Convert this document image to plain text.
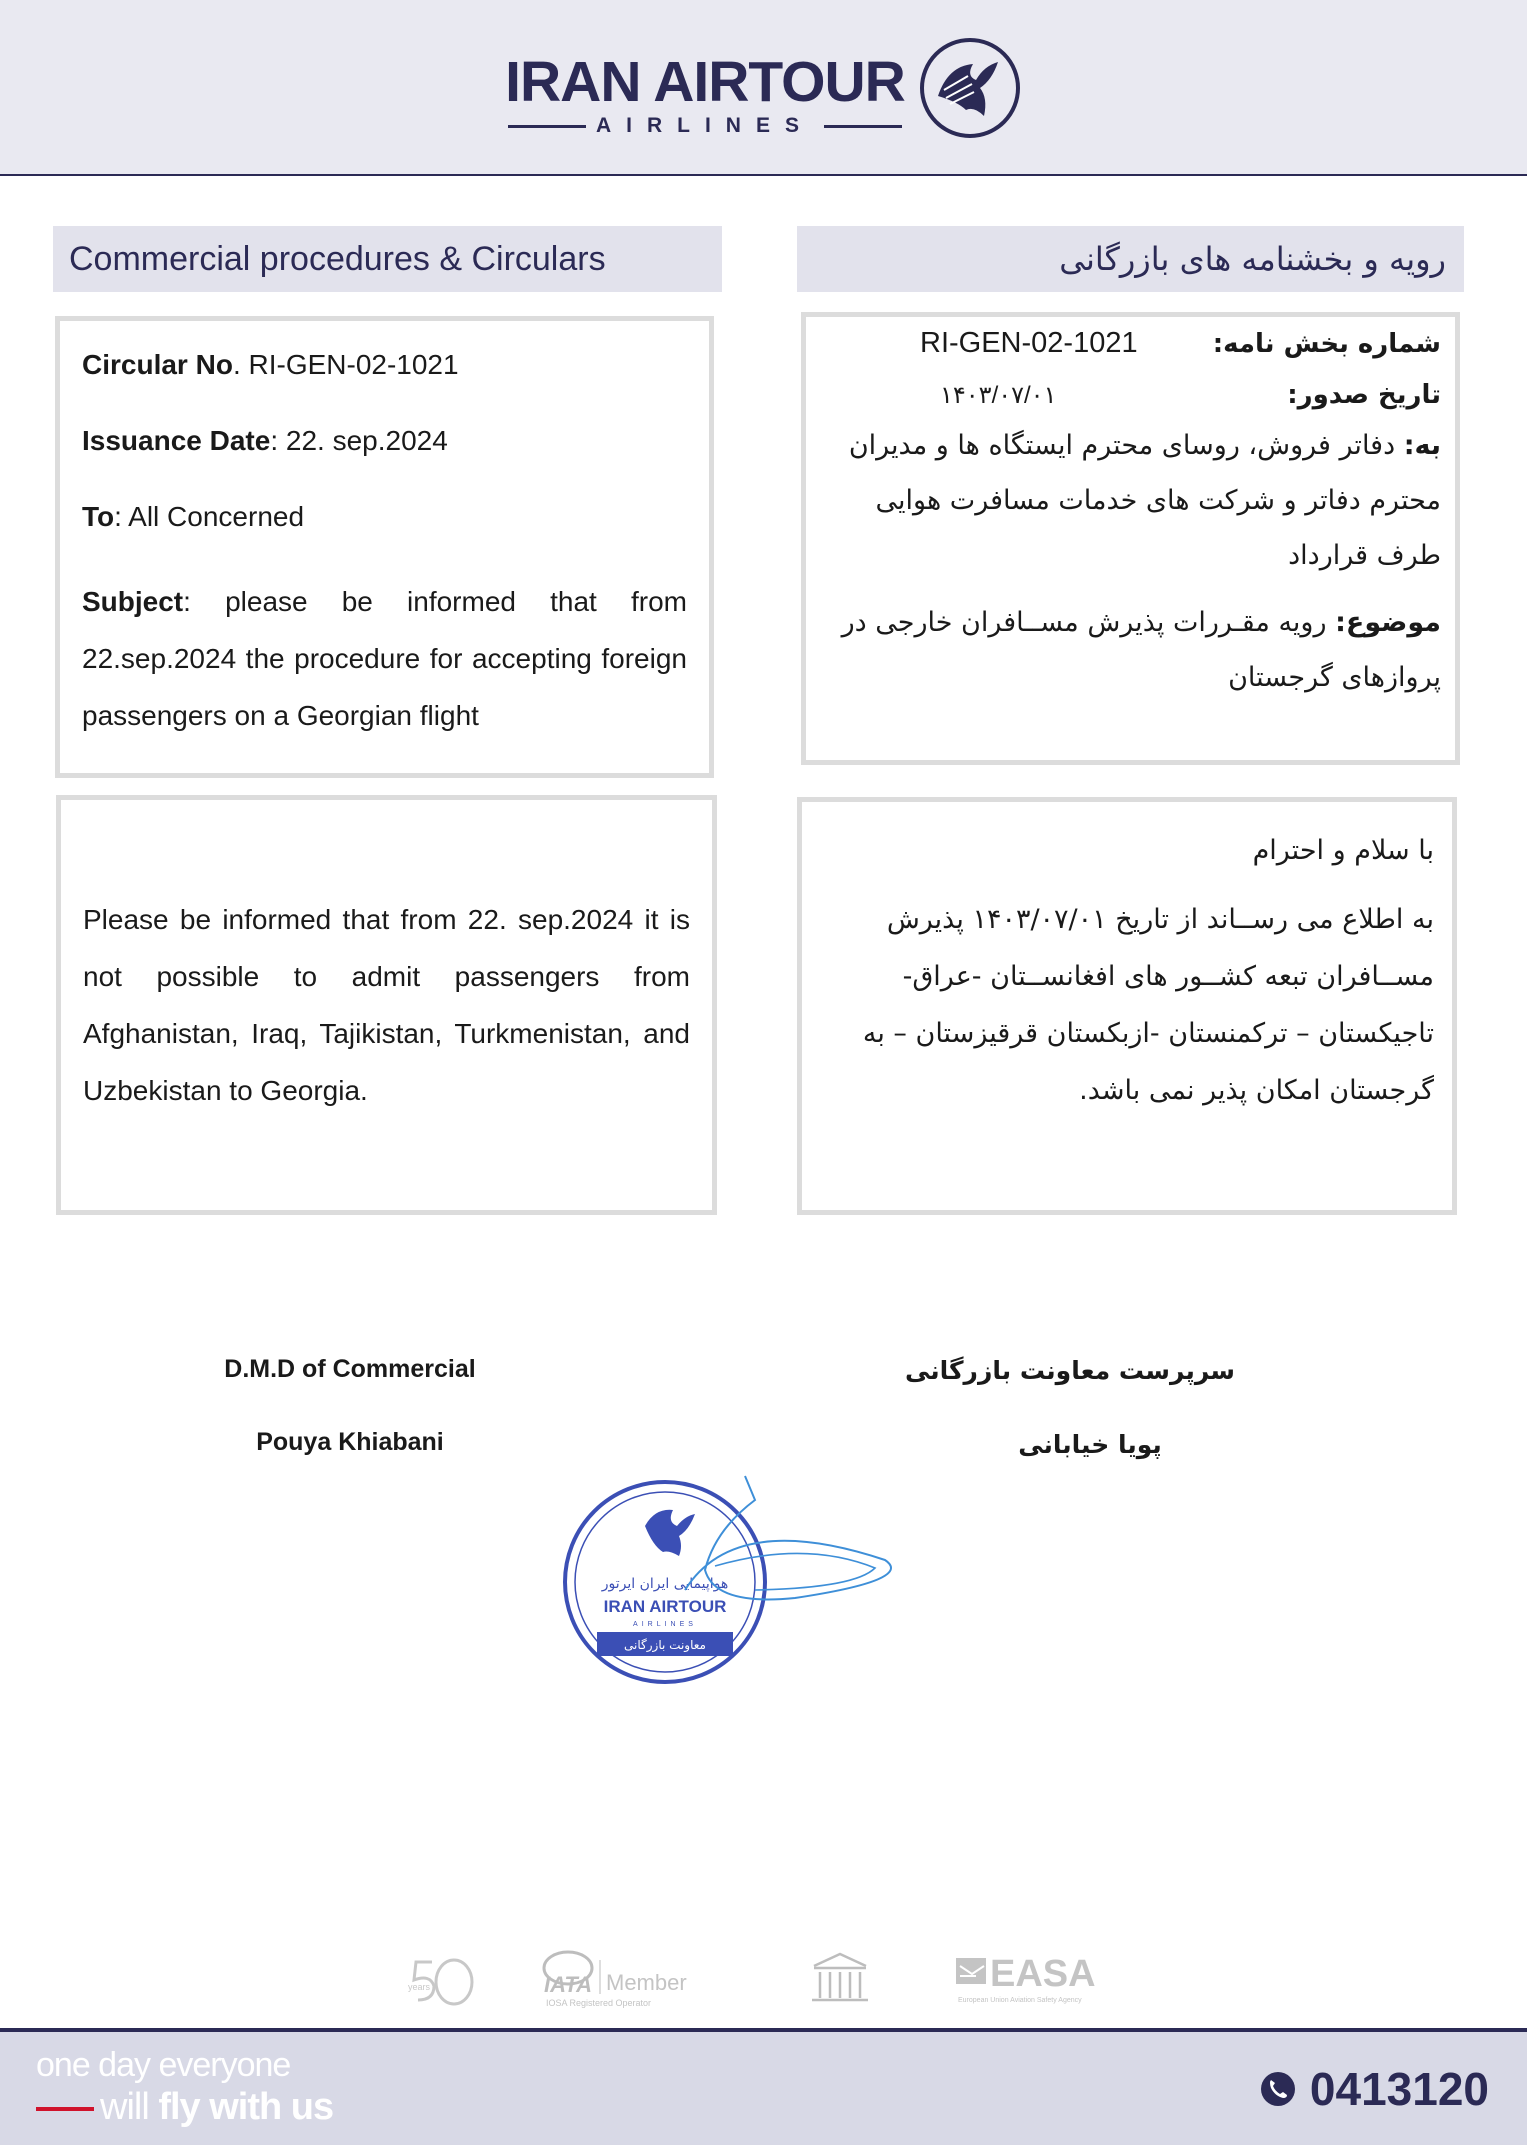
IRAN AIRTOUR
AIRLINES
Commercial procedures & Circulars	رویه و بخشنامه های بازرگانی
Circular No. RI-GEN-02-1021
Issuance Date: 22. sep.2024
To: All Concerned
Subject: please be informed that from 22.sep.2024 the procedure for accepting foreign passengers on a Georgian flight
شماره بخش نامه:
RI-GEN-02-1021
تاریخ صدور:
۱۴۰۳/۰۷/۰۱
به: دفاتر فروش، روسای محترم ایستگاه ها و مدیران محترم دفاتر و شرکت های خدمات مسافرت هوایی طرف قرارداد
موضوع: رویه مقـررات پذیرش مســافران خارجی در پروازهای گرجستان
Please be informed that from 22. sep.2024 it is not possible to admit passengers from Afghanistan, Iraq, Tajikistan, Turkmenistan, and Uzbekistan to Georgia.
با سلام و احترام
به اطلاع می رســاند از تاریخ ۱۴۰۳/۰۷/۰۱ پذیرش مســافران تبعه کشــور های افغانســتان -عراق- تاجیکستان – ترکمنستان -ازبکستان قرقیزستان – به گرجستان امکان پذیر نمی باشد.
D.M.D of Commercial
Pouya Khiabani
سرپرست معاونت بازرگانی
پویا خیابانی
هواپیمایی ایران ایرتور
IRAN AIRTOUR
AIRLINES
معاونت بازرگانی
years	IATA Member
IOSA Registered Operator
EASA
European Union Aviation Safety Agency
one day everyone
will fly with us	0413120
